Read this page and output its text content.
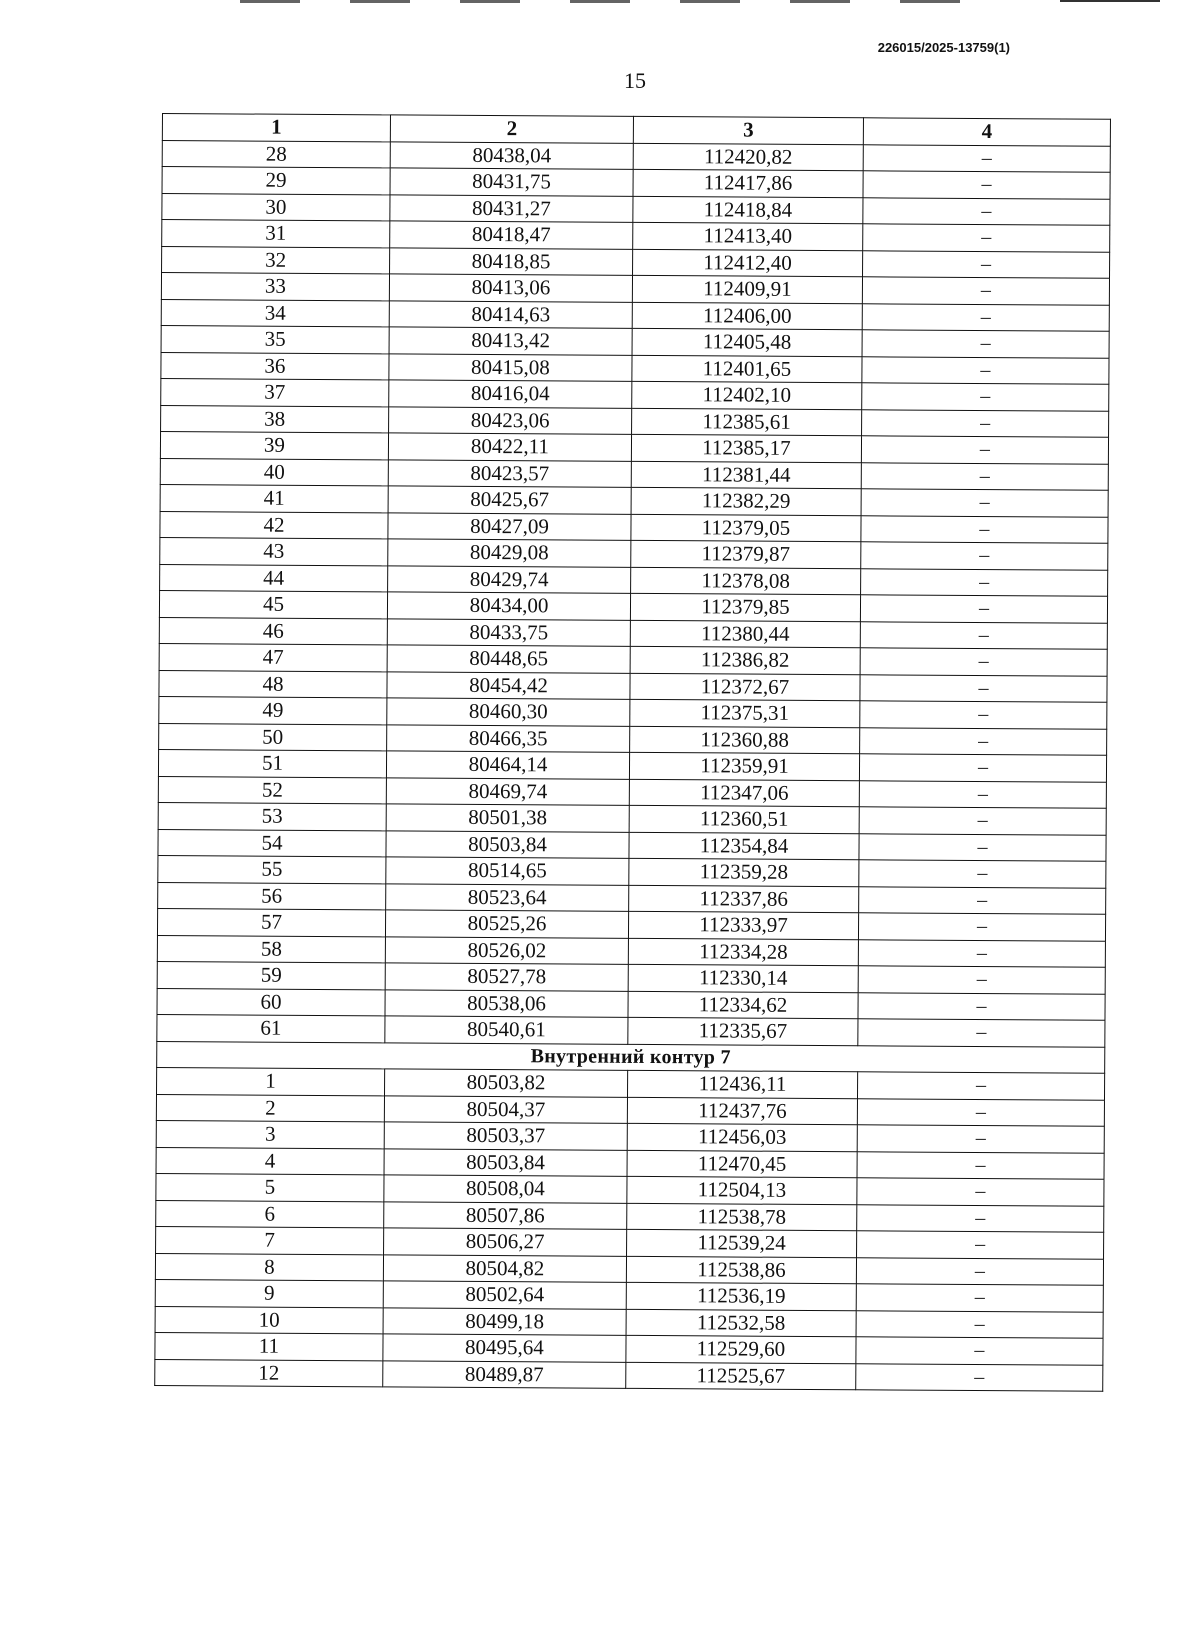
226015/2025-13759(1)
15
1	2	3	4
28	80438,04	112420,82	–
29	80431,75	112417,86	–
30	80431,27	112418,84	–
31	80418,47	112413,40	–
32	80418,85	112412,40	–
33	80413,06	112409,91	–
34	80414,63	112406,00	–
35	80413,42	112405,48	–
36	80415,08	112401,65	–
37	80416,04	112402,10	–
38	80423,06	112385,61	–
39	80422,11	112385,17	–
40	80423,57	112381,44	–
41	80425,67	112382,29	–
42	80427,09	112379,05	–
43	80429,08	112379,87	–
44	80429,74	112378,08	–
45	80434,00	112379,85	–
46	80433,75	112380,44	–
47	80448,65	112386,82	–
48	80454,42	112372,67	–
49	80460,30	112375,31	–
50	80466,35	112360,88	–
51	80464,14	112359,91	–
52	80469,74	112347,06	–
53	80501,38	112360,51	–
54	80503,84	112354,84	–
55	80514,65	112359,28	–
56	80523,64	112337,86	–
57	80525,26	112333,97	–
58	80526,02	112334,28	–
59	80527,78	112330,14	–
60	80538,06	112334,62	–
61	80540,61	112335,67	–
Внутренний контур 7			
1	80503,82	112436,11	–
2	80504,37	112437,76	–
3	80503,37	112456,03	–
4	80503,84	112470,45	–
5	80508,04	112504,13	–
6	80507,86	112538,78	–
7	80506,27	112539,24	–
8	80504,82	112538,86	–
9	80502,64	112536,19	–
10	80499,18	112532,58	–
11	80495,64	112529,60	–
12	80489,87	112525,67	–
